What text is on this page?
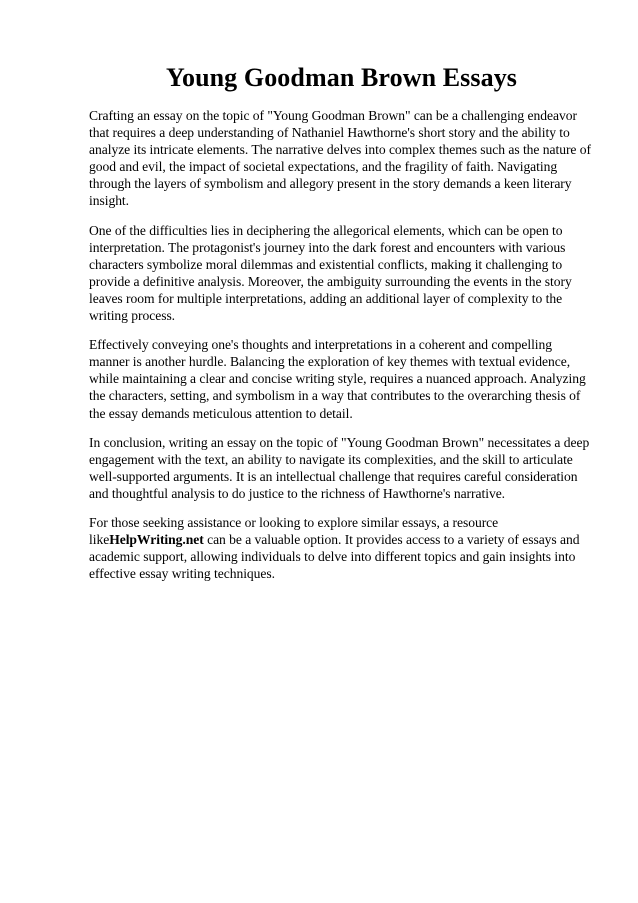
Young Goodman Brown Essays

Crafting an essay on the topic of "Young Goodman Brown" can be a challenging endeavor that requires a deep understanding of Nathaniel Hawthorne's short story and the ability to analyze its intricate elements. The narrative delves into complex themes such as the nature of good and evil, the impact of societal expectations, and the fragility of faith. Navigating through the layers of symbolism and allegory present in the story demands a keen literary insight.

One of the difficulties lies in deciphering the allegorical elements, which can be open to interpretation. The protagonist's journey into the dark forest and encounters with various characters symbolize moral dilemmas and existential conflicts, making it challenging to provide a definitive analysis. Moreover, the ambiguity surrounding the events in the story leaves room for multiple interpretations, adding an additional layer of complexity to the writing process.

Effectively conveying one's thoughts and interpretations in a coherent and compelling manner is another hurdle. Balancing the exploration of key themes with textual evidence, while maintaining a clear and concise writing style, requires a nuanced approach. Analyzing the characters, setting, and symbolism in a way that contributes to the overarching thesis of the essay demands meticulous attention to detail.

In conclusion, writing an essay on the topic of "Young Goodman Brown" necessitates a deep engagement with the text, an ability to navigate its complexities, and the skill to articulate well-supported arguments. It is an intellectual challenge that requires careful consideration and thoughtful analysis to do justice to the richness of Hawthorne's narrative.

For those seeking assistance or looking to explore similar essays, a resource likeHelpWriting.net can be a valuable option. It provides access to a variety of essays and academic support, allowing individuals to delve into different topics and gain insights into effective essay writing techniques.
